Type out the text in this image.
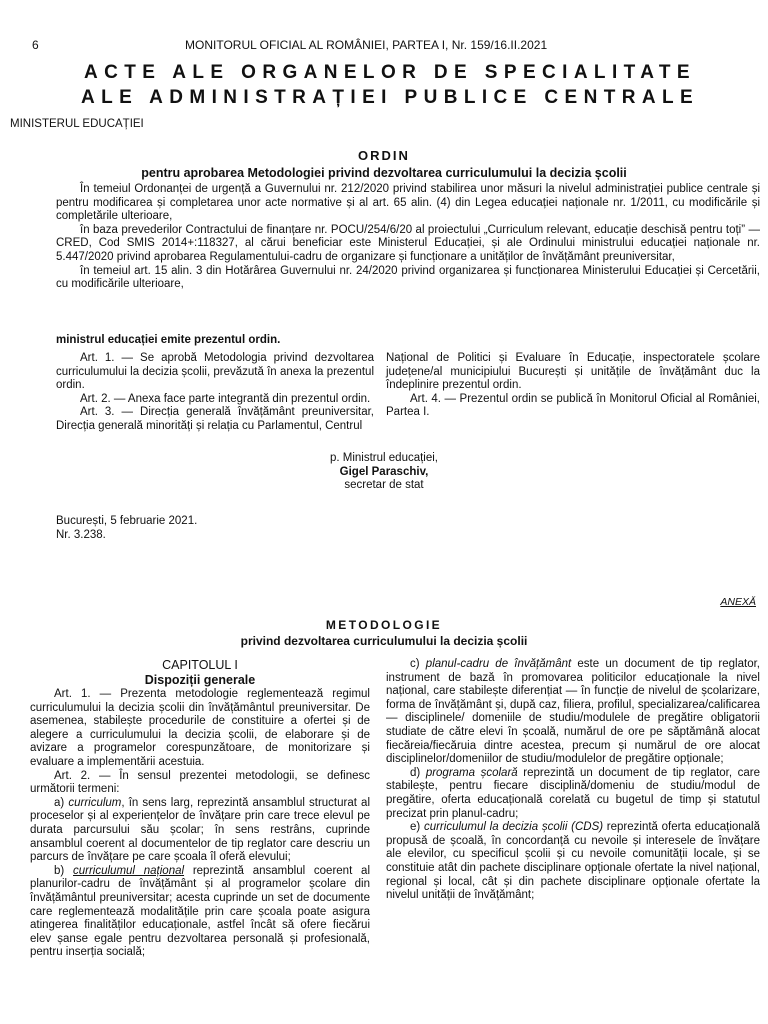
6	MONITORUL OFICIAL AL ROMÂNIEI, PARTEA I, Nr. 159/16.II.2021
ACTE ALE ORGANELOR DE SPECIALITATE
ALE ADMINISTRAȚIEI PUBLICE CENTRALE
MINISTERUL EDUCAȚIEI
ORDIN
pentru aprobarea Metodologiei privind dezvoltarea curriculumului la decizia școlii

În temeiul Ordonanței de urgență a Guvernului nr. 212/2020 privind stabilirea unor măsuri la nivelul administrației publice centrale și pentru modificarea și completarea unor acte normative și al art. 65 alin. (4) din Legea educației naționale nr. 1/2011, cu modificările și completările ulterioare,

în baza prevederilor Contractului de finanțare nr. POCU/254/6/20 al proiectului „Curriculum relevant, educație deschisă pentru toți” — CRED, Cod SMIS 2014+:118327, al cărui beneficiar este Ministerul Educației, și ale Ordinului ministrului educației naționale nr. 5.447/2020 privind aprobarea Regulamentului-cadru de organizare și funcționare a unităților de învățământ preuniversitar,

în temeiul art. 15 alin. 3 din Hotărârea Guvernului nr. 24/2020 privind organizarea și funcționarea Ministerului Educației și Cercetării, cu modificările ulterioare,

ministrul educației emite prezentul ordin.

Art. 1. — Se aprobă Metodologia privind dezvoltarea curriculumului la decizia școlii, prevăzută în anexa la prezentul ordin.

Art. 2. — Anexa face parte integrantă din prezentul ordin.

Art. 3. — Direcția generală învățământ preuniversitar, Direcția generală minorități și relația cu Parlamentul, Centrul

Național de Politici și Evaluare în Educație, inspectoratele școlare județene/al municipiului București și unitățile de învățământ duc la îndeplinire prezentul ordin.

Art. 4. — Prezentul ordin se publică în Monitorul Oficial al României, Partea I.

p. Ministrul educației,

Gigel Paraschiv,

secretar de stat

București, 5 februarie 2021.

Nr. 3.238.

ANEXĂ
METODOLOGIE
privind dezvoltarea curriculumului la decizia școlii

CAPITOLUL I

Dispoziții generale

Art. 1. — Prezenta metodologie reglementează regimul curriculumului la decizia școlii din învățământul preuniversitar. De asemenea, stabilește procedurile de constituire a ofertei și de alegere a curriculumului la decizia școlii, de elaborare și de avizare a programelor corespunzătoare, de monitorizare și evaluare a implementării acestuia.

Art. 2. — În sensul prezentei metodologii, se definesc următorii termeni:

a) curriculum, în sens larg, reprezintă ansamblul structurat al proceselor și al experiențelor de învățare prin care trece elevul pe durata parcursului său școlar; în sens restrâns, cuprinde ansamblul coerent al documentelor de tip reglator care descriu un parcurs de învățare pe care școala îl oferă elevului;

b) curriculumul național reprezintă ansamblul coerent al planurilor-cadru de învățământ și al programelor școlare din învățământul preuniversitar; acesta cuprinde un set de documente care reglementează modalitățile prin care școala poate asigura atingerea finalităților educaționale, astfel încât să ofere fiecărui elev șanse egale pentru dezvoltarea personală și profesională, pentru inserția socială;

c) planul-cadru de învățământ este un document de tip reglator, instrument de bază în promovarea politicilor educaționale la nivel național, care stabilește diferențiat — în funcție de nivelul de școlarizare, forma de învățământ și, după caz, filiera, profilul, specializarea/calificarea — disciplinele/ domeniile de studiu/modulele de pregătire obligatorii studiate de către elevi în școală, numărul de ore pe săptămână alocat fiecăreia/fiecăruia dintre acestea, precum și numărul de ore alocat disciplinelor/domeniilor de studiu/modulelor de pregătire opționale;

d) programa școlară reprezintă un document de tip reglator, care stabilește, pentru fiecare disciplină/domeniu de studiu/modul de pregătire, oferta educațională corelată cu bugetul de timp și statutul precizat prin planul-cadru;

e) curriculumul la decizia școlii (CDS) reprezintă oferta educațională propusă de școală, în concordanță cu nevoile și interesele de învățare ale elevilor, cu specificul școlii și cu nevoile comunității locale, și se constituie atât din pachete disciplinare opționale ofertate la nivel național, regional și local, cât și din pachete disciplinare opționale ofertate la nivelul unității de învățământ;
